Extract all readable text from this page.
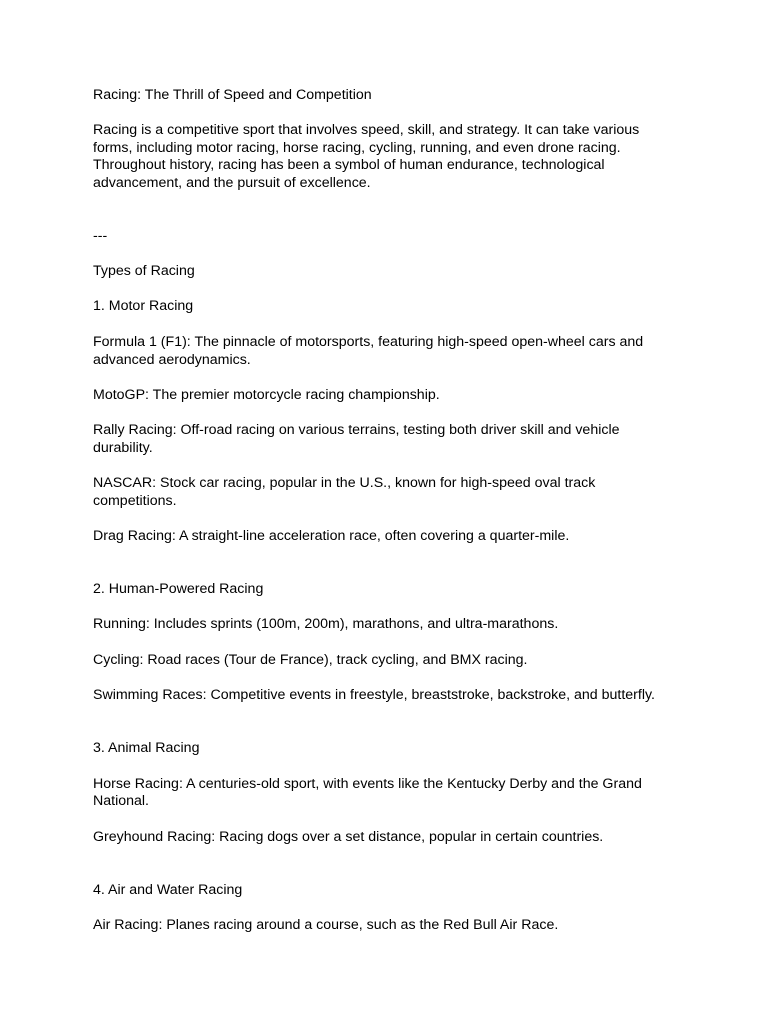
Racing: The Thrill of Speed and Competition

Racing is a competitive sport that involves speed, skill, and strategy. It can take various

forms, including motor racing, horse racing, cycling, running, and even drone racing.

Throughout history, racing has been a symbol of human endurance, technological

advancement, and the pursuit of excellence.

---

Types of Racing

1. Motor Racing

Formula 1 (F1): The pinnacle of motorsports, featuring high-speed open-wheel cars and

advanced aerodynamics.

MotoGP: The premier motorcycle racing championship.

Rally Racing: Off-road racing on various terrains, testing both driver skill and vehicle

durability.

NASCAR: Stock car racing, popular in the U.S., known for high-speed oval track

competitions.

Drag Racing: A straight-line acceleration race, often covering a quarter-mile.

2. Human-Powered Racing

Running: Includes sprints (100m, 200m), marathons, and ultra-marathons.

Cycling: Road races (Tour de France), track cycling, and BMX racing.

Swimming Races: Competitive events in freestyle, breaststroke, backstroke, and butterfly.

3. Animal Racing

Horse Racing: A centuries-old sport, with events like the Kentucky Derby and the Grand

National.

Greyhound Racing: Racing dogs over a set distance, popular in certain countries.

4. Air and Water Racing

Air Racing: Planes racing around a course, such as the Red Bull Air Race.
